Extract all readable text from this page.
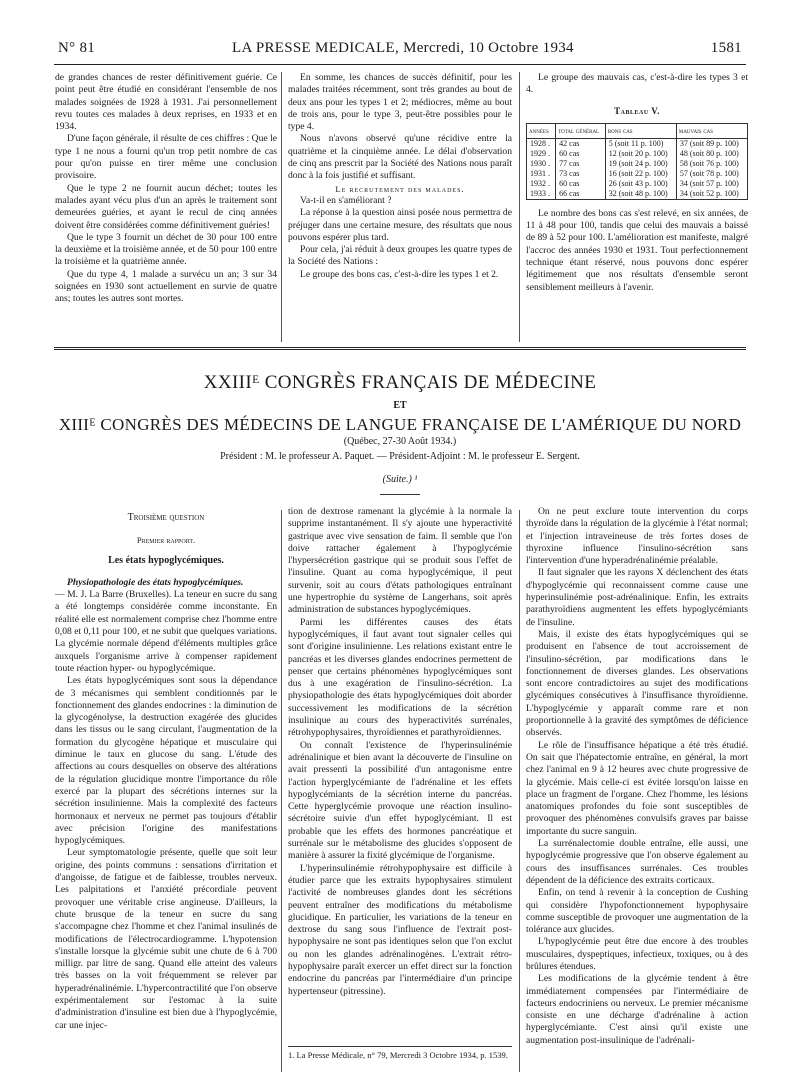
N° 81	LA PRESSE MEDICALE, Mercredi, 10 Octobre 1934	1581

de grandes chances de rester définitivement guérie. Ce point peut être étudié en considérant l'ensemble de nos malades soignées de 1928 à 1931. J'ai personnellement revu toutes ces malades à deux reprises, en 1933 et en 1934.

D'une façon générale, il résulte de ces chiffres : Que le type 1 ne nous a fourni qu'un trop petit nombre de cas pour qu'on puisse en tirer même une conclusion provisoire.

Que le type 2 ne fournit aucun déchet; toutes les malades ayant vécu plus d'un an après le traitement sont demeurées guéries, et ayant le recul de cinq années doivent être considérées comme définitivement guéries!

Que le type 3 fournit un déchet de 30 pour 100 entre la deuxième et la troisième année, et de 50 pour 100 entre la troisième et la quatrième année.

Que du type 4, 1 malade a survécu un an; 3 sur 34 soignées en 1930 sont actuellement en survie de quatre ans; toutes les autres sont mortes.

En somme, les chances de succès définitif, pour les malades traitées récemment, sont très grandes au bout de deux ans pour les types 1 et 2; médiocres, même au bout de trois ans, pour le type 3, peut-être possibles pour le type 4.

Nous n'avons observé qu'une récidive entre la quatrième et la cinquième année. Le délai d'observation de cinq ans prescrit par la Société des Nations nous paraît donc à la fois justifié et suffisant.

Le recrutement des malades.

Va-t-il en s'améliorant ?

La réponse à la question ainsi posée nous permettra de préjuger dans une certaine mesure, des résultats que nous pouvons espérer plus tard.

Pour cela, j'ai réduit à deux groupes les quatre types de la Société des Nations :

Le groupe des bons cas, c'est-à-dire les types 1 et 2.

Le groupe des mauvais cas, c'est-à-dire les types 3 et 4.

Tableau V.
années	total général	bons cas	mauvais cas
1928 .	42 cas	5 (soit 11 p. 100)	37 (soit 89 p. 100)
1929 .	60 cas	12 (soit 20 p. 100)	48 (soit 80 p. 100)
1930 .	77 cas	19 (soit 24 p. 100)	58 (soit 76 p. 100)
1931 .	73 cas	16 (soit 22 p. 100)	57 (soit 78 p. 100)
1932 .	60 cas	26 (soit 43 p. 100)	34 (soit 57 p. 100)
1933 .	66 cas	32 (soit 48 p. 100)	34 (soit 52 p. 100)

Le nombre des bons cas s'est relevé, en six années, de 11 à 48 pour 100, tandis que celui des mauvais a baissé de 89 à 52 pour 100. L'amélioration est manifeste, malgré l'accroc des années 1930 et 1931. Tout perfectionnement technique étant réservé, nous pouvons donc espérer légitimement que nos résultats d'ensemble seront sensiblement meilleurs à l'avenir.

XXIIIᴱ CONGRÈS FRANÇAIS DE MÉDECINE
ET
XIIIᴱ CONGRÈS DES MÉDECINS DE LANGUE FRANÇAISE DE L'AMÉRIQUE DU NORD
(Québec, 27-30 Août 1934.)
Président : M. le professeur A. Paquet. — Président-Adjoint : M. le professeur E. Sergent.
(Suite.) ¹

Troisième question

Premier rapport.

Les états hypoglycémiques.

Physiopathologie des états hypoglycémiques.

— M. J. La Barre (Bruxelles). La teneur en sucre du sang a été longtemps considérée comme inconstante. En réalité elle est normalement comprise chez l'homme entre 0,08 et 0,11 pour 100, et ne subit que quelques variations. La glycémie normale dépend d'éléments multiples grâce auxquels l'organisme arrive à compenser rapidement toute réaction hyper- ou hypoglycémique.

Les états hypoglycémiques sont sous la dépendance de 3 mécanismes qui semblent conditionnés par le fonctionnement des glandes endocrines : la diminution de la glycogénolyse, la destruction exagérée des glucides dans les tissus ou le sang circulant, l'augmentation de la formation du glycogène hépatique et musculaire qui diminue le taux en glucose du sang. L'étude des affections au cours desquelles on observe des altérations de la régulation glucidique montre l'importance du rôle exercé par la plupart des sécrétions internes sur la sécrétion insulinienne. Mais la complexité des facteurs hormonaux et nerveux ne permet pas toujours d'établir avec précision l'origine des manifestations hypoglycémiques.

Leur symptomatologie présente, quelle que soit leur origine, des points communs : sensations d'irritation et d'angoisse, de fatigue et de faiblesse, troubles nerveux. Les palpitations et l'anxiété précordiale peuvent provoquer une véritable crise angineuse. D'ailleurs, la chute brusque de la teneur en sucre du sang s'accompagne chez l'homme et chez l'animal insulinés de modifications de l'électrocardiogramme. L'hypotension s'installe lorsque la glycémie subit une chute de 6 à 700 milligr. par litre de sang. Quand elle atteint des valeurs très basses on la voit fréquemment se relever par hyperadrénalinémie. L'hypercontractilité que l'on observe expérimentalement sur l'estomac à la suite d'administration d'insuline est bien due à l'hypoglycémie, car une injec-

tion de dextrose ramenant la glycémie à la normale la supprime instantanément. Il s'y ajoute une hyperactivité gastrique avec vive sensation de faim. Il semble que l'on doive rattacher également à l'hypoglycémie l'hypersécrétion gastrique qui se produit sous l'effet de l'insuline. Quant au coma hypoglycémique, il peut survenir, soit au cours d'états pathologiques entraînant une hypertrophie du système de Langerhans, soit après administration de substances hypoglycémiques.

Parmi les différentes causes des états hypoglycémiques, il faut avant tout signaler celles qui sont d'origine insulinienne. Les relations existant entre le pancréas et les diverses glandes endocrines permettent de penser que certains phénomènes hypoglycémiques sont dus à une exagération de l'insulino-sécrétion. La physiopathologie des états hypoglycémiques doit aborder successivement les modifications de la sécrétion insulinique au cours des hyperactivités surrénales, rétrohypophysaires, thyroïdiennes et parathyroïdiennes.

On connaît l'existence de l'hyperinsulinémie adrénalinique et bien avant la découverte de l'insuline on avait pressenti la possibilité d'un antagonisme entre l'action hyperglycémiante de l'adrénaline et les effets hypoglycémiants de la sécrétion interne du pancréas. Cette hyperglycémie provoque une réaction insulino-sécrétoire suivie d'un effet hypoglycémiant. Il est probable que les effets des hormones pancréatique et surrénale sur le métabolisme des glucides s'opposent de manière à assurer la fixité glycémique de l'organisme.

L'hyperinsulinémie rétrohypophysaire est difficile à étudier parce que les extraits hypophysaires stimulent l'activité de nombreuses glandes dont les sécrétions peuvent entraîner des modifications du métabolisme glucidique. En particulier, les variations de la teneur en dextrose du sang sous l'influence de l'extrait post-hypophysaire ne sont pas identiques selon que l'on exclut ou non les glandes adrénalinogènes. L'extrait rétro-hypophysaire paraît exercer un effet direct sur la fonction endocrine du pancréas par l'intermédiaire d'un principe hypertenseur (pitressine).

1. La Presse Médicale, n° 79, Mercredi 3 Octobre 1934, p. 1539.

On ne peut exclure toute intervention du corps thyroïde dans la régulation de la glycémie à l'état normal; et l'injection intraveineuse de très fortes doses de thyroxine influence l'insulino-sécrétion sans l'intervention d'une hyperadrénalinémie préalable.

Il faut signaler que les rayons X déclenchent des états d'hypoglycémie qui reconnaissent comme cause une hyperinsulinémie post-adrénalinique. Enfin, les extraits parathyroïdiens augmentent les effets hypoglycémiants de l'insuline.

Mais, il existe des états hypoglycémiques qui se produisent en l'absence de tout accroissement de l'insulino-sécrétion, par modifications dans le fonctionnement de diverses glandes. Les observations sont encore contradictoires au sujet des modifications glycémiques consécutives à l'insuffisance thyroïdienne. L'hypoglycémie y apparaît comme rare et non proportionnelle à la gravité des symptômes de déficience observés.

Le rôle de l'insuffisance hépatique a été très étudié. On sait que l'hépatectomie entraîne, en général, la mort chez l'animal en 9 à 12 heures avec chute progressive de la glycémie. Mais celle-ci est évitée lorsqu'on laisse en place un fragment de l'organe. Chez l'homme, les lésions anatomiques profondes du foie sont susceptibles de provoquer des phénomènes convulsifs graves par baisse importante du sucre sanguin.

La surrénalectomie double entraîne, elle aussi, une hypoglycémie progressive que l'on observe également au cours des insuffisances surrénales. Ces troubles dépendent de la déficience des extraits corticaux.

Enfin, on tend à revenir à la conception de Cushing qui considère l'hypofonctionnement hypophysaire comme susceptible de provoquer une augmentation de la tolérance aux glucides.

L'hypoglycémie peut être due encore à des troubles musculaires, dyspeptiques, infectieux, toxiques, ou à des brûlures étendues.

Les modifications de la glycémie tendent à être immédiatement compensées par l'intermédiaire de facteurs endocriniens ou nerveux. Le premier mécanisme consiste en une décharge d'adrénaline à action hyperglycémiante. C'est ainsi qu'il existe une augmentation post-insulinique de l'adrénali-
